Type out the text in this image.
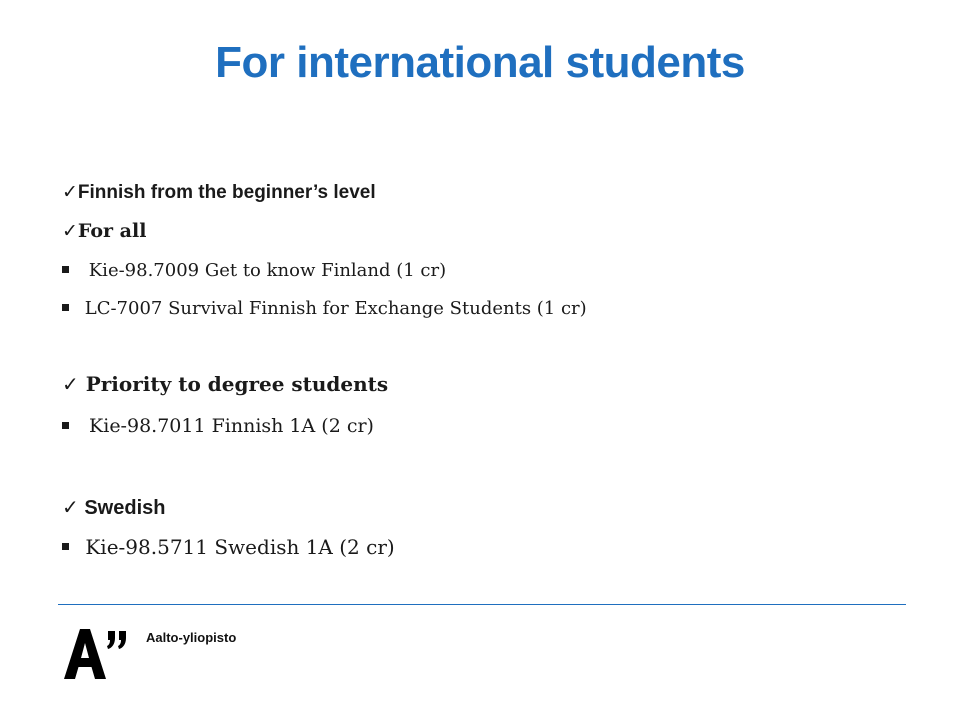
For international students
✓Finnish from the beginner’s level
✓For all
Kie-98.7009 Get to know Finland (1 cr)
LC-7007 Survival Finnish for Exchange Students (1 cr)
✓ Priority to degree students
Kie-98.7011 Finnish 1A (2 cr)
✓ Swedish
Kie-98.5711 Swedish 1A (2 cr)
Aalto-yliopisto
